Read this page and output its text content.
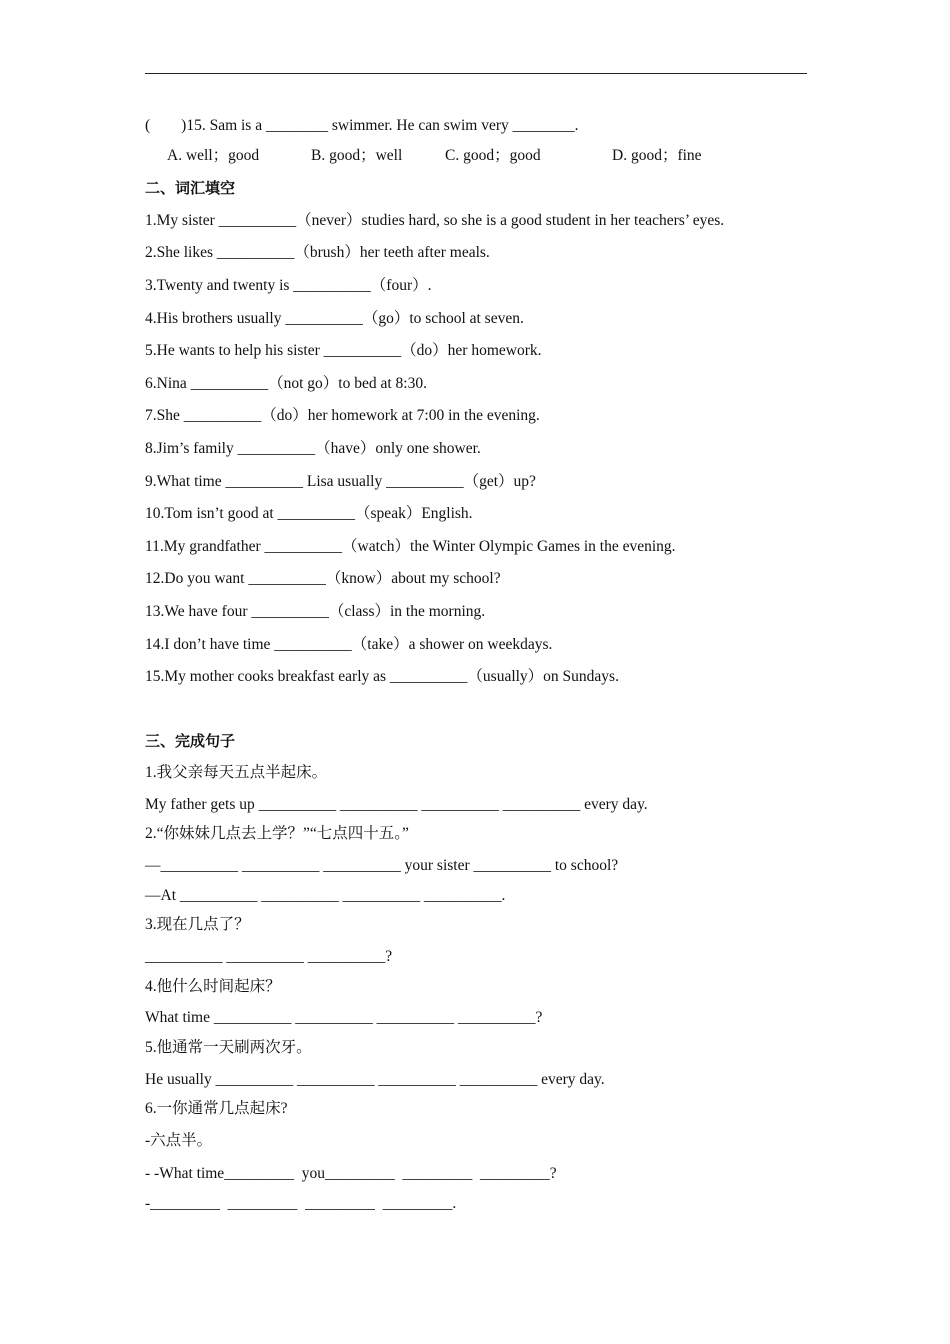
(        )15. Sam is a ________ swimmer. He can swim very ________.
A. well；good	B. good；well	C. good；good	D. good；fine
二、词汇填空
1.My sister __________（never）studies hard, so she is a good student in her teachers’ eyes.
2.She likes __________（brush）her teeth after meals.
3.Twenty and twenty is __________（four）.
4.His brothers usually __________（go）to school at seven.
5.He wants to help his sister __________（do）her homework.
6.Nina __________（not go）to bed at 8:30.
7.She __________（do）her homework at 7:00 in the evening.
8.Jim’s family __________（have）only one shower.
9.What time __________ Lisa usually __________（get）up?
10.Tom isn’t good at __________（speak）English.
11.My grandfather __________（watch）the Winter Olympic Games in the evening.
12.Do you want __________（know）about my school?
13.We have four __________（class）in the morning.
14.I don’t have time __________（take）a shower on weekdays.
15.My mother cooks breakfast early as __________（usually）on Sundays.
三、完成句子
1.我父亲每天五点半起床。
My father gets up __________ __________ __________ __________ every day.
2.“你妹妹几点去上学？”“七点四十五。”
—__________ __________ __________ your sister __________ to school?
—At __________ __________ __________ __________.
3.现在几点了？
__________ __________ __________?
4.他什么时间起床？
What time __________ __________ __________ __________?
5.他通常一天刷两次牙。
He usually __________ __________ __________ __________ every day.
6.一你通常几点起床?
-六点半。
- -What time_________  you_________  _________  _________?
-_________  _________  _________  _________.
